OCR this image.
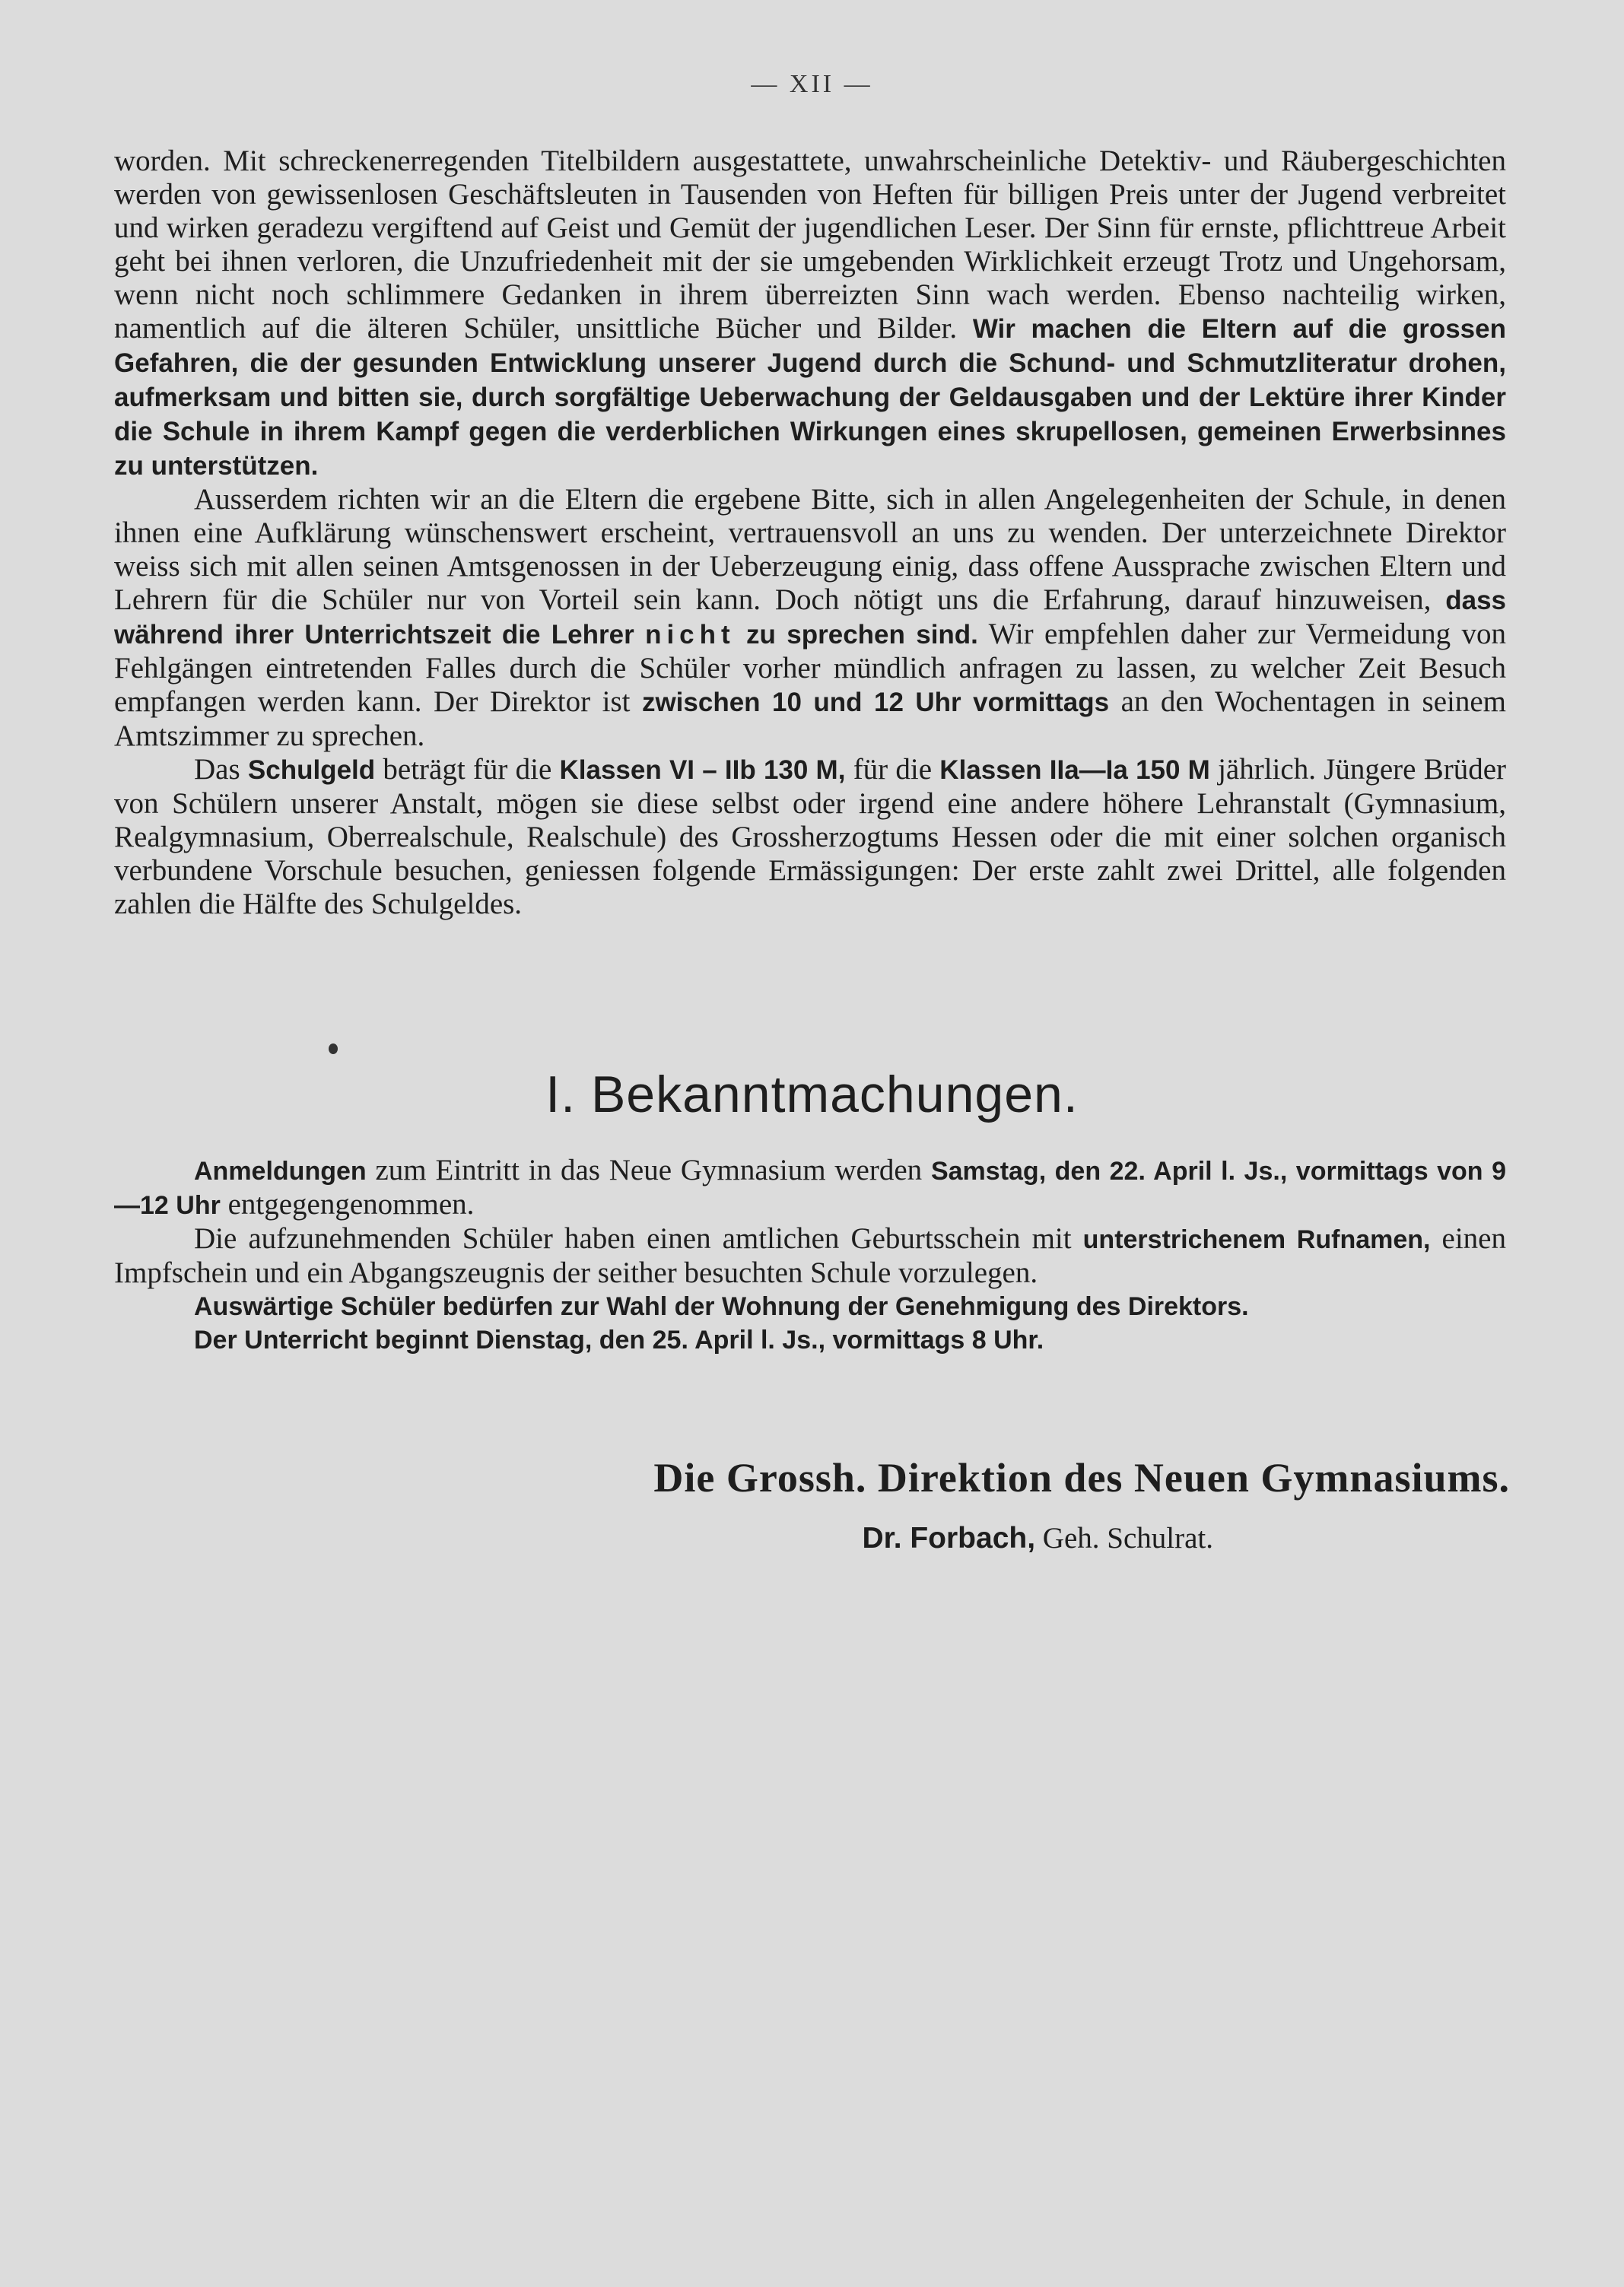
— XII —

worden. Mit schreckenerregenden Titelbildern ausgestattete, unwahrscheinliche Detektiv- und Räubergeschichten werden von gewissenlosen Geschäftsleuten in Tausenden von Heften für billigen Preis unter der Jugend verbreitet und wirken geradezu vergiftend auf Geist und Gemüt der jugendlichen Leser. Der Sinn für ernste, pflichttreue Arbeit geht bei ihnen verloren, die Unzufriedenheit mit der sie umgebenden Wirklichkeit erzeugt Trotz und Ungehorsam, wenn nicht noch schlimmere Gedanken in ihrem überreizten Sinn wach werden. Ebenso nachteilig wirken, namentlich auf die älteren Schüler, unsittliche Bücher und Bilder. Wir machen die Eltern auf die grossen Gefahren, die der gesunden Entwicklung unserer Jugend durch die Schund- und Schmutzliteratur drohen, aufmerksam und bitten sie, durch sorgfältige Ueberwachung der Geldausgaben und der Lektüre ihrer Kinder die Schule in ihrem Kampf gegen die verderblichen Wirkungen eines skrupellosen, gemeinen Erwerbsinnes zu unterstützen.

Ausserdem richten wir an die Eltern die ergebene Bitte, sich in allen Angelegenheiten der Schule, in denen ihnen eine Aufklärung wünschenswert erscheint, vertrauensvoll an uns zu wenden. Der unterzeichnete Direktor weiss sich mit allen seinen Amtsgenossen in der Ueberzeugung einig, dass offene Aussprache zwischen Eltern und Lehrern für die Schüler nur von Vorteil sein kann. Doch nötigt uns die Erfahrung, darauf hinzuweisen, dass während ihrer Unterrichtszeit die Lehrer nicht zu sprechen sind. Wir empfehlen daher zur Vermeidung von Fehlgängen eintretenden Falles durch die Schüler vorher mündlich anfragen zu lassen, zu welcher Zeit Besuch empfangen werden kann. Der Direktor ist zwischen 10 und 12 Uhr vormittags an den Wochentagen in seinem Amtszimmer zu sprechen.

Das Schulgeld beträgt für die Klassen VI – IIb 130 M, für die Klassen IIa—Ia 150 M jährlich. Jüngere Brüder von Schülern unserer Anstalt, mögen sie diese selbst oder irgend eine andere höhere Lehranstalt (Gymnasium, Realgymnasium, Oberrealschule, Realschule) des Grossherzogtums Hessen oder die mit einer solchen organisch verbundene Vorschule besuchen, geniessen folgende Ermässigungen: Der erste zahlt zwei Drittel, alle folgenden zahlen die Hälfte des Schulgeldes.

I. Bekanntmachungen.

Anmeldungen zum Eintritt in das Neue Gymnasium werden Samstag, den 22. April l. Js., vormittags von 9—12 Uhr entgegengenommen.

Die aufzunehmenden Schüler haben einen amtlichen Geburtsschein mit unterstrichenem Rufnamen, einen Impfschein und ein Abgangszeugnis der seither besuchten Schule vorzulegen.

Auswärtige Schüler bedürfen zur Wahl der Wohnung der Genehmigung des Direktors.

Der Unterricht beginnt Dienstag, den 25. April l. Js., vormittags 8 Uhr.

Die Grossh. Direktion des Neuen Gymnasiums.
Dr. Forbach, Geh. Schulrat.
